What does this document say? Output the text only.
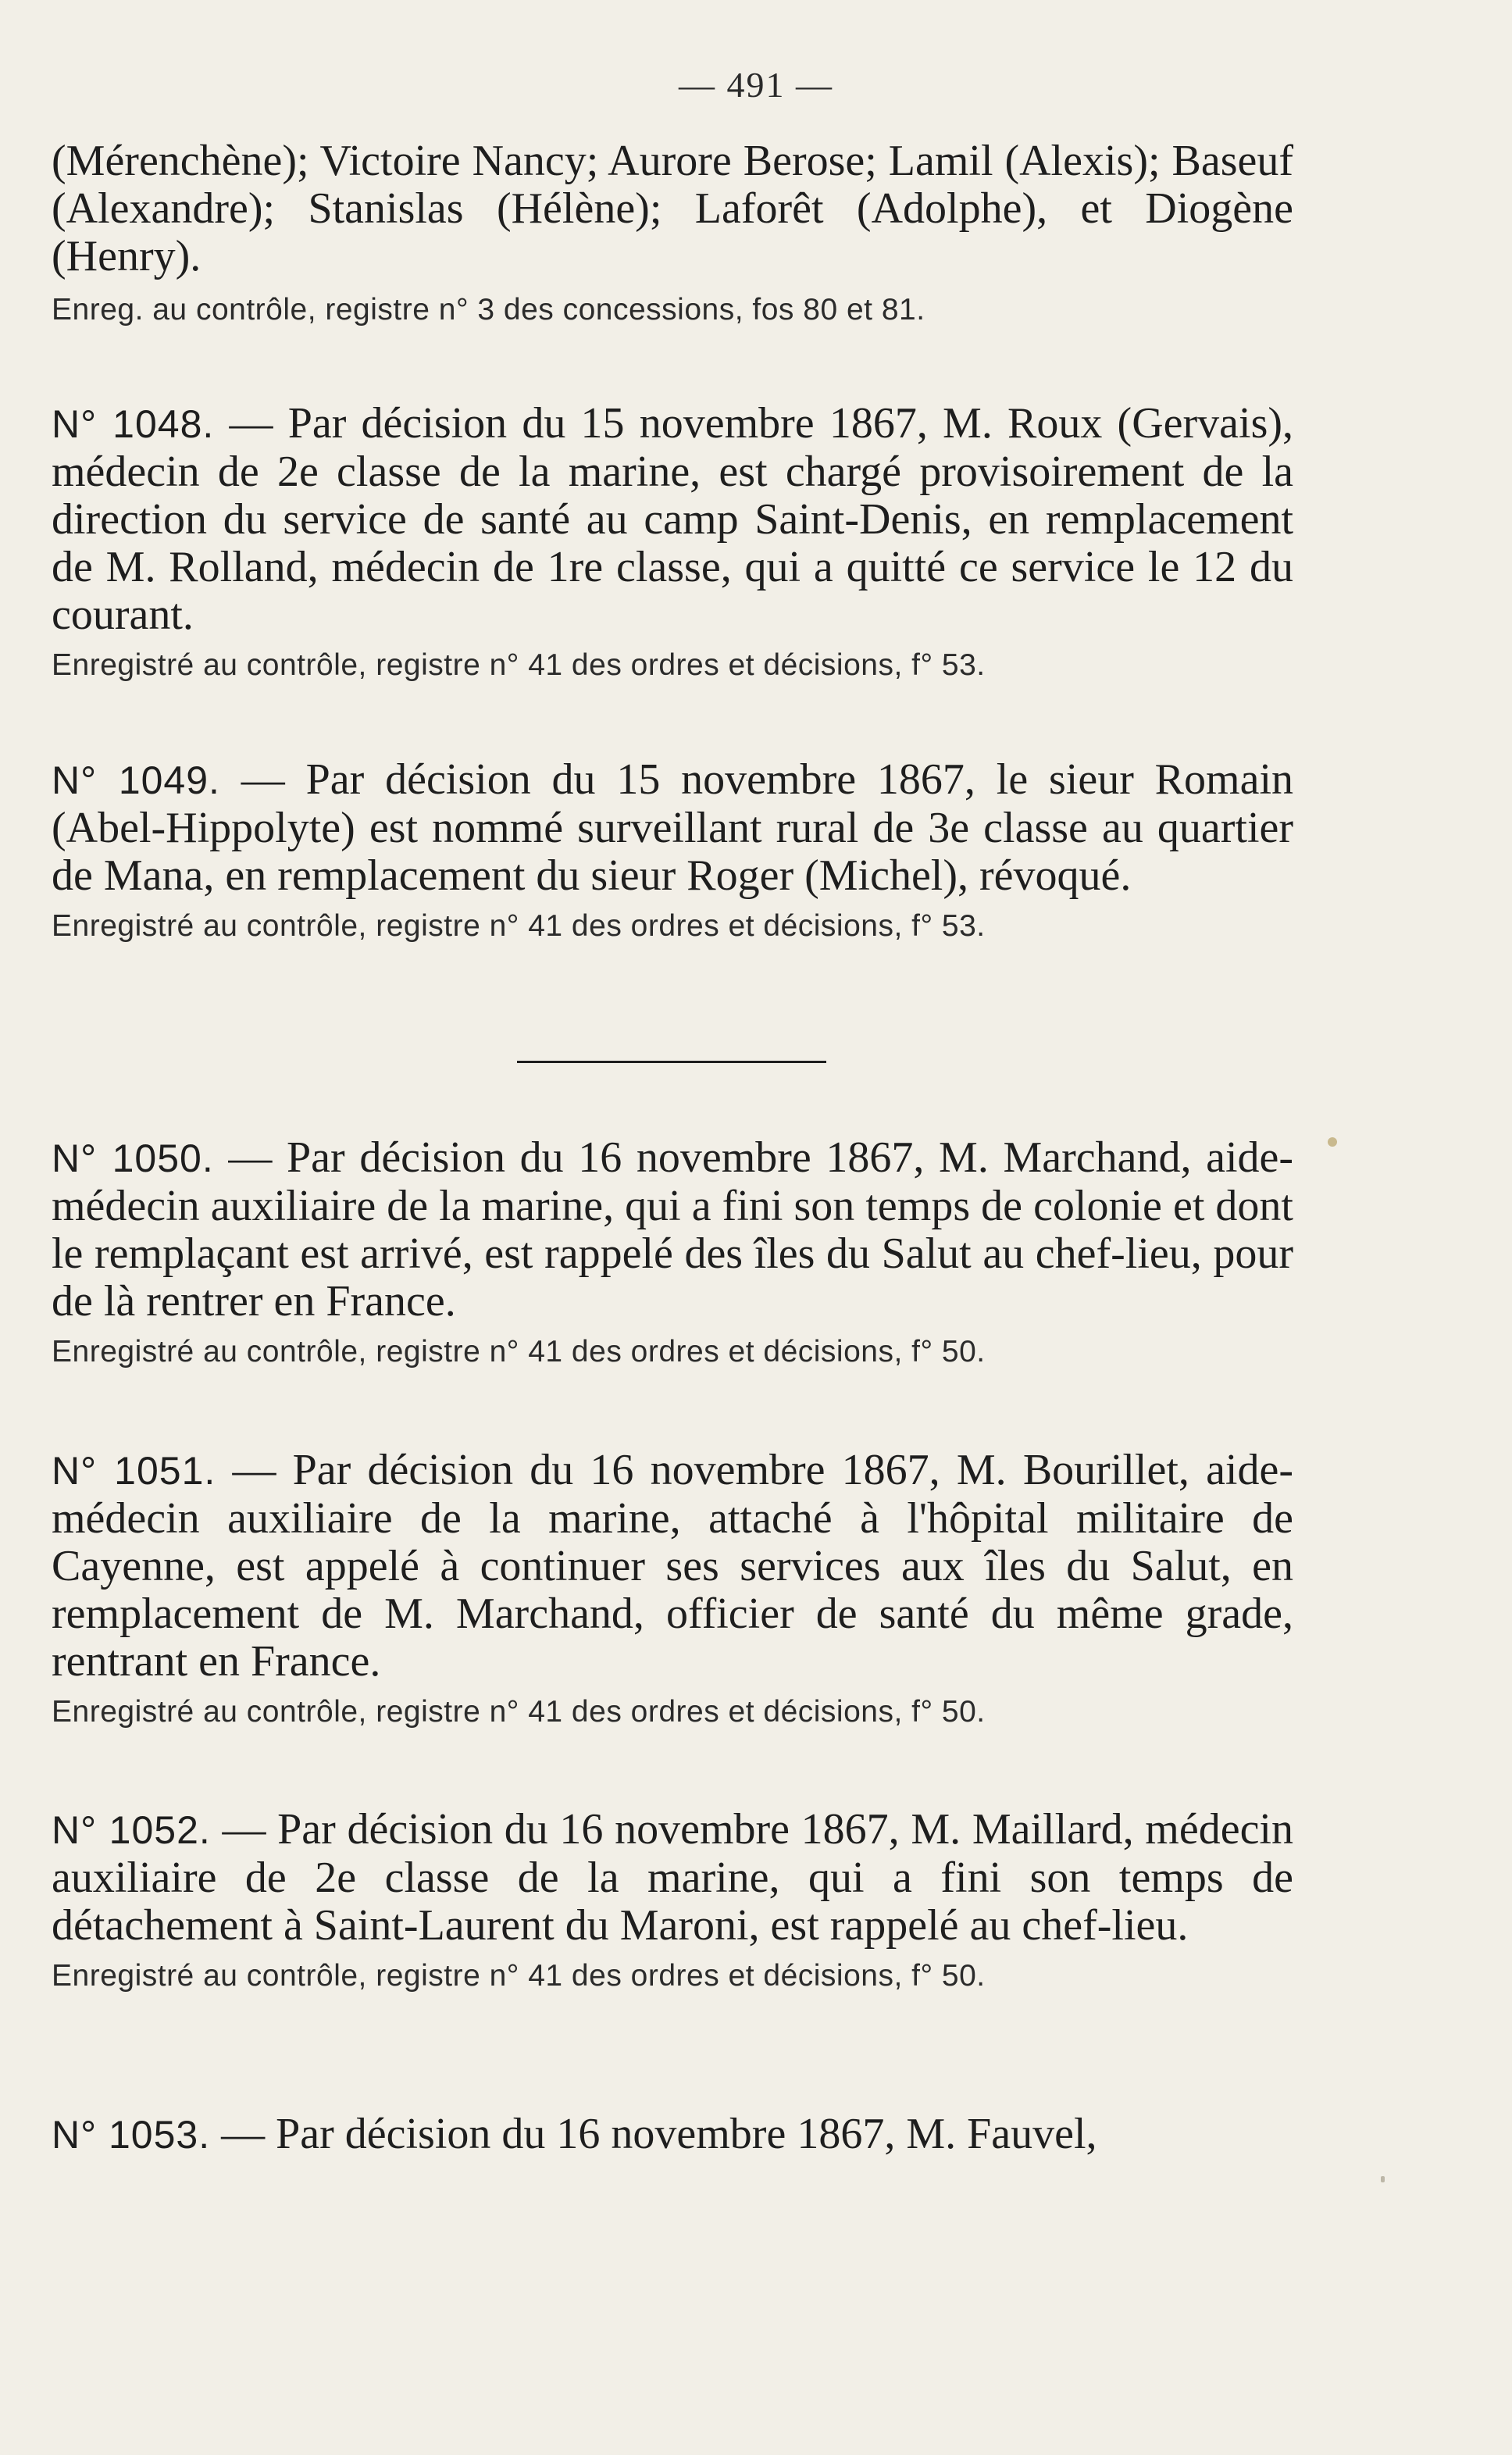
— 491 —

(Mérenchène); Victoire Nancy; Aurore Berose; Lamil (Alexis); Baseuf (Alexandre); Stanislas (Hélène); Laforêt (Adolphe), et Diogène (Henry).

Enreg. au contrôle, registre n° 3 des concessions, fos 80 et 81.

N° 1048. — Par décision du 15 novembre 1867, M. Roux (Gervais), médecin de 2e classe de la marine, est chargé provisoirement de la direction du service de santé au camp Saint-Denis, en remplacement de M. Rolland, médecin de 1re classe, qui a quitté ce service le 12 du courant.

Enregistré au contrôle, registre n° 41 des ordres et décisions, f° 53.

N° 1049. — Par décision du 15 novembre 1867, le sieur Romain (Abel-Hippolyte) est nommé surveillant rural de 3e classe au quartier de Mana, en remplacement du sieur Roger (Michel), révoqué.

Enregistré au contrôle, registre n° 41 des ordres et décisions, f° 53.

N° 1050. — Par décision du 16 novembre 1867, M. Marchand, aide-médecin auxiliaire de la marine, qui a fini son temps de colonie et dont le remplaçant est arrivé, est rappelé des îles du Salut au chef-lieu, pour de là rentrer en France.

Enregistré au contrôle, registre n° 41 des ordres et décisions, f° 50.

N° 1051. — Par décision du 16 novembre 1867, M. Bourillet, aide-médecin auxiliaire de la marine, attaché à l'hôpital militaire de Cayenne, est appelé à continuer ses services aux îles du Salut, en remplacement de M. Marchand, officier de santé du même grade, rentrant en France.

Enregistré au contrôle, registre n° 41 des ordres et décisions, f° 50.

N° 1052. — Par décision du 16 novembre 1867, M. Maillard, médecin auxiliaire de 2e classe de la marine, qui a fini son temps de détachement à Saint-Laurent du Maroni, est rappelé au chef-lieu.

Enregistré au contrôle, registre n° 41 des ordres et décisions, f° 50.

N° 1053. — Par décision du 16 novembre 1867, M. Fauvel,
